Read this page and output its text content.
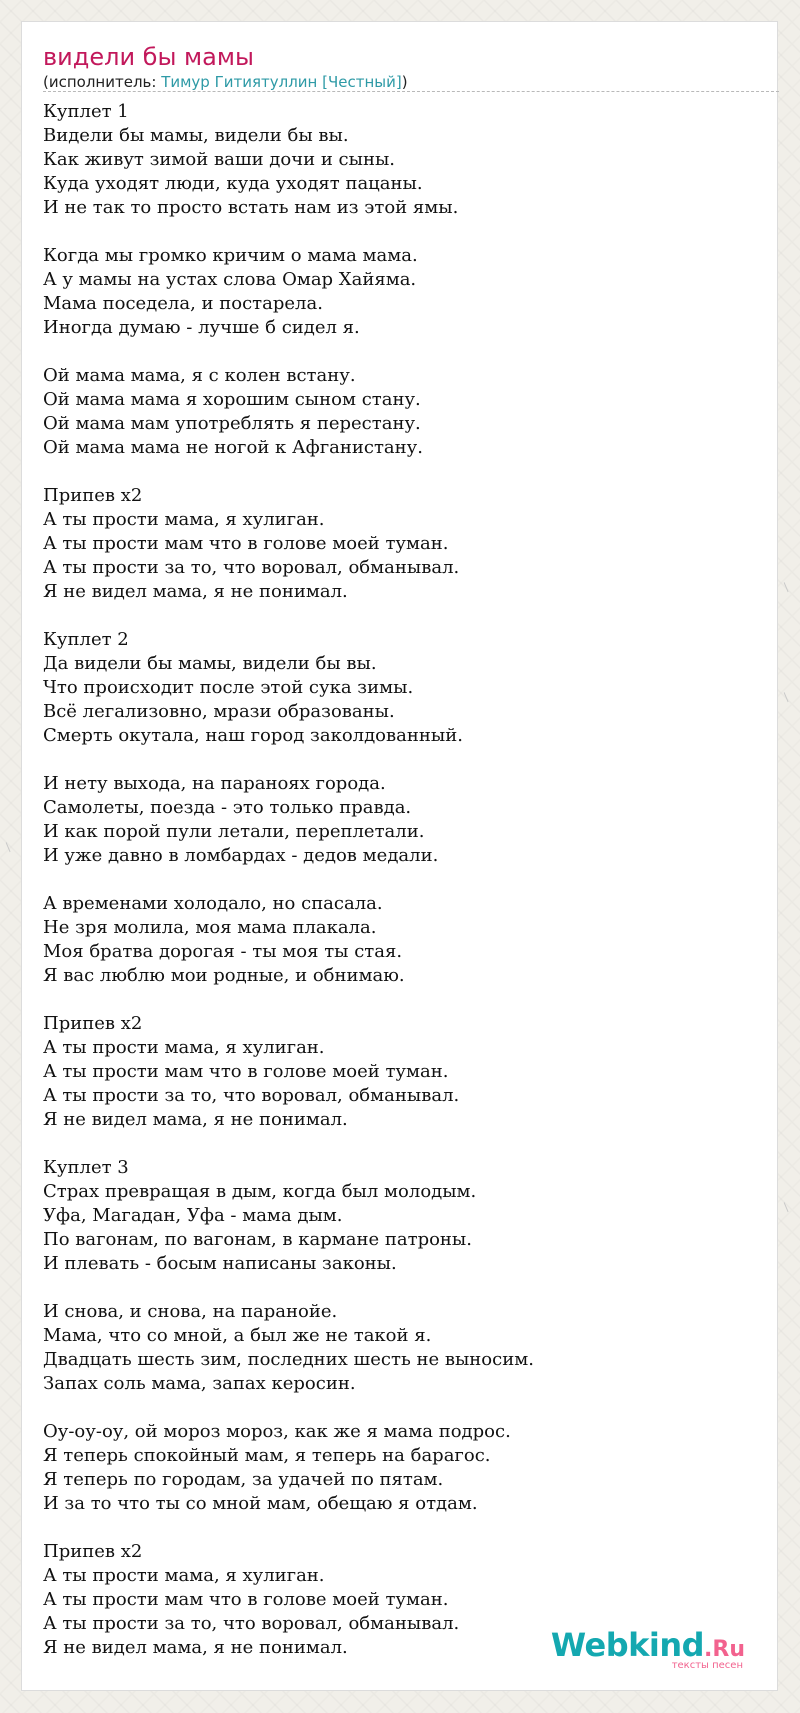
/
/
/
/
видели бы мамы
(исполнитель: Тимур Гитиятуллин [Честный])
Куплет 1
Видели бы мамы, видели бы вы.
Как живут зимой ваши дочи и сыны.
Куда уходят люди, куда уходят пацаны.
И не так то просто встать нам из этой ямы.
Когда мы громко кричим о мама мама.
А у мамы на устах слова Омар Хайяма.
Мама поседела, и постарела.
Иногда думаю - лучше б сидел я.
Ой мама мама, я с колен встану.
Ой мама мама я хорошим сыном стану.
Ой мама мам употреблять я перестану.
Ой мама мама не ногой к Афганистану.
Припев х2
А ты прости мама, я хулиган.
А ты прости мам что в голове моей туман.
А ты прости за то, что воровал, обманывал.
Я не видел мама, я не понимал.
Куплет 2
Да видели бы мамы, видели бы вы.
Что происходит после этой сука зимы.
Всё легализовно, мрази образованы.
Смерть окутала, наш город заколдованный.
И нету выхода, на параноях города.
Самолеты, поезда - это только правда.
И как порой пули летали, переплетали.
И уже давно в ломбардах - дедов медали.
А временами холодало, но спасала.
Не зря молила, моя мама плакала.
Моя братва дорогая - ты моя ты стая.
Я вас люблю мои родные, и обнимаю.
Припев х2
А ты прости мама, я хулиган.
А ты прости мам что в голове моей туман.
А ты прости за то, что воровал, обманывал.
Я не видел мама, я не понимал.
Куплет 3
Страх превращая в дым, когда был молодым.
Уфа, Магадан, Уфа - мама дым.
По вагонам, по вагонам, в кармане патроны.
И плевать - босым написаны законы.
И снова, и снова, на паранойе.
Мама, что со мной, а был же не такой я.
Двадцать шесть зим, последних шесть не выносим.
Запах соль мама, запах керосин.
Оу-оу-оу, ой мороз мороз, как же я мама подрос.
Я теперь спокойный мам, я теперь на барагос.
Я теперь по городам, за удачей по пятам.
И за то что ты со мной мам, обещаю я отдам.
Припев х2
А ты прости мама, я хулиган.
А ты прости мам что в голове моей туман.
А ты прости за то, что воровал, обманывал.
Я не видел мама, я не понимал.	Webkind.Ru
тексты песен
